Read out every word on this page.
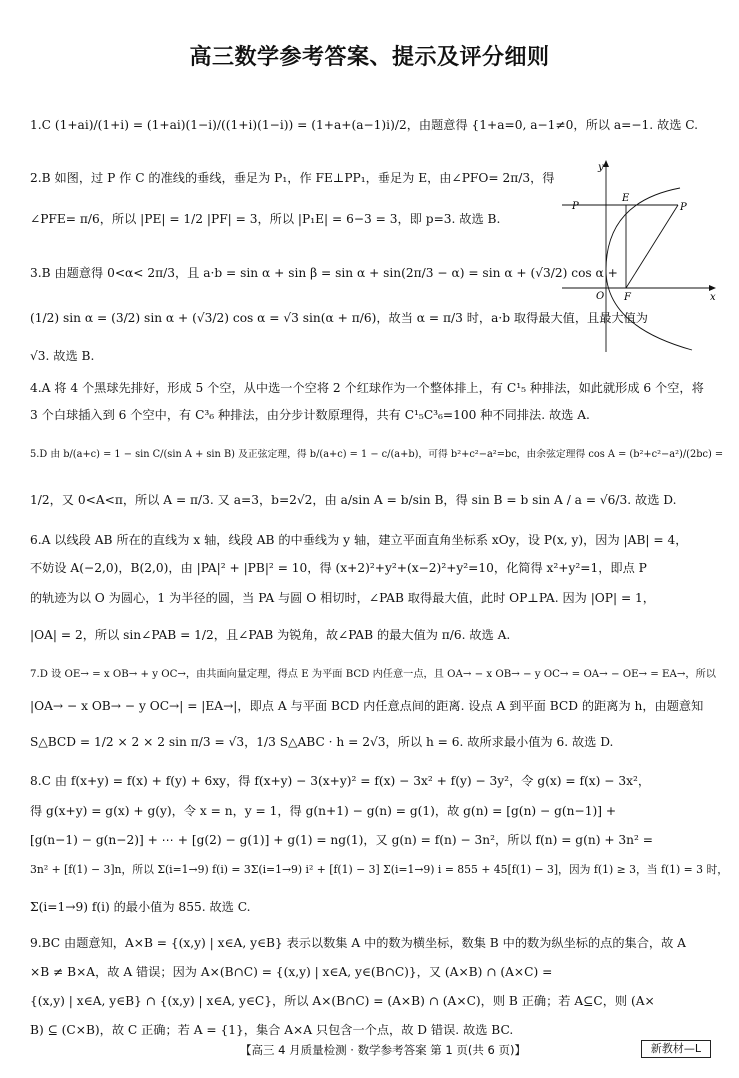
高三数学参考答案、提示及评分细则
1.C (1+ai)/(1+i) = (1+ai)(1−i)/((1+i)(1−i)) = (1+a+(a−1)i)/2，由题意得 {1+a=0, a−1≠0，所以 a=−1. 故选 C.
2.B 如图，过 P 作 C 的准线的垂线，垂足为 P₁，作 FE⊥PP₁，垂足为 E，由∠PFO= 2π/3，得
∠PFE= π/6，所以 |PE| = 1/2 |PF| = 3，所以 |P₁E| = 6−3 = 3，即 p=3. 故选 B.
3.B 由题意得 0<α< 2π/3，且 a·b = sin α + sin β = sin α + sin(2π/3 − α) = sin α + (√3/2) cos α +
(1/2) sin α = (3/2) sin α + (√3/2) cos α = √3 sin(α + π/6)，故当 α = π/3 时，a·b 取得最大值，且最大值为
√3. 故选 B.
4.A 将 4 个黑球先排好，形成 5 个空，从中选一个空将 2 个红球作为一个整体排上，有 C¹₅ 种排法，如此就形成 6 个空，将
3 个白球插入到 6 个空中，有 C³₆ 种排法，由分步计数原理得，共有 C¹₅C³₆=100 种不同排法. 故选 A.
5.D 由 b/(a+c) = 1 − sin C/(sin A + sin B) 及正弦定理，得 b/(a+c) = 1 − c/(a+b)，可得 b²+c²−a²=bc，由余弦定理得 cos A = (b²+c²−a²)/(2bc) =
1/2，又 0<A<π，所以 A = π/3. 又 a=3，b=2√2，由 a/sin A = b/sin B，得 sin B = b sin A / a = √6/3. 故选 D.
6.A 以线段 AB 所在的直线为 x 轴，线段 AB 的中垂线为 y 轴，建立平面直角坐标系 xOy，设 P(x, y)，因为 |AB| = 4，
不妨设 A(−2,0)，B(2,0)，由 |PA|² + |PB|² = 10，得 (x+2)²+y²+(x−2)²+y²=10，化简得 x²+y²=1，即点 P
的轨迹为以 O 为圆心，1 为半径的圆，当 PA 与圆 O 相切时，∠PAB 取得最大值，此时 OP⊥PA. 因为 |OP| = 1，
|OA| = 2，所以 sin∠PAB = 1/2，且∠PAB 为锐角，故∠PAB 的最大值为 π/6. 故选 A.
7.D 设 OE→ = x OB→ + y OC→，由共面向量定理，得点 E 为平面 BCD 内任意一点，且 OA→ − x OB→ − y OC→ = OA→ − OE→ = EA→，所以
|OA→ − x OB→ − y OC→| = |EA→|，即点 A 与平面 BCD 内任意点间的距离. 设点 A 到平面 BCD 的距离为 h，由题意知
S△BCD = 1/2 × 2 × 2 sin π/3 = √3，1/3 S△ABC · h = 2√3，所以 h = 6. 故所求最小值为 6. 故选 D.
8.C 由 f(x+y) = f(x) + f(y) + 6xy，得 f(x+y) − 3(x+y)² = f(x) − 3x² + f(y) − 3y²，令 g(x) = f(x) − 3x²，
得 g(x+y) = g(x) + g(y)，令 x = n，y = 1，得 g(n+1) − g(n) = g(1)，故 g(n) = [g(n) − g(n−1)] +
[g(n−1) − g(n−2)] + ⋯ + [g(2) − g(1)] + g(1) = ng(1)，又 g(n) = f(n) − 3n²，所以 f(n) = g(n) + 3n² =
3n² + [f(1) − 3]n，所以 Σ(i=1→9) f(i) = 3Σ(i=1→9) i² + [f(1) − 3] Σ(i=1→9) i = 855 + 45[f(1) − 3]，因为 f(1) ≥ 3，当 f(1) = 3 时，
Σ(i=1→9) f(i) 的最小值为 855. 故选 C.
9.BC 由题意知，A×B = {(x,y) | x∈A, y∈B} 表示以数集 A 中的数为横坐标，数集 B 中的数为纵坐标的点的集合，故 A
×B ≠ B×A，故 A 错误；因为 A×(B∩C) = {(x,y) | x∈A, y∈(B∩C)}，又 (A×B) ∩ (A×C) =
{(x,y) | x∈A, y∈B} ∩ {(x,y) | x∈A, y∈C}，所以 A×(B∩C) = (A×B) ∩ (A×C)，则 B 正确；若 A⊆C，则 (A×
B) ⊆ (C×B)，故 C 正确；若 A = {1}，集合 A×A 只包含一个点，故 D 错误. 故选 BC.
y
x
O
P
E
P
F
【高三 4 月质量检测 · 数学参考答案 第 1 页(共 6 页)】	新教材—L
